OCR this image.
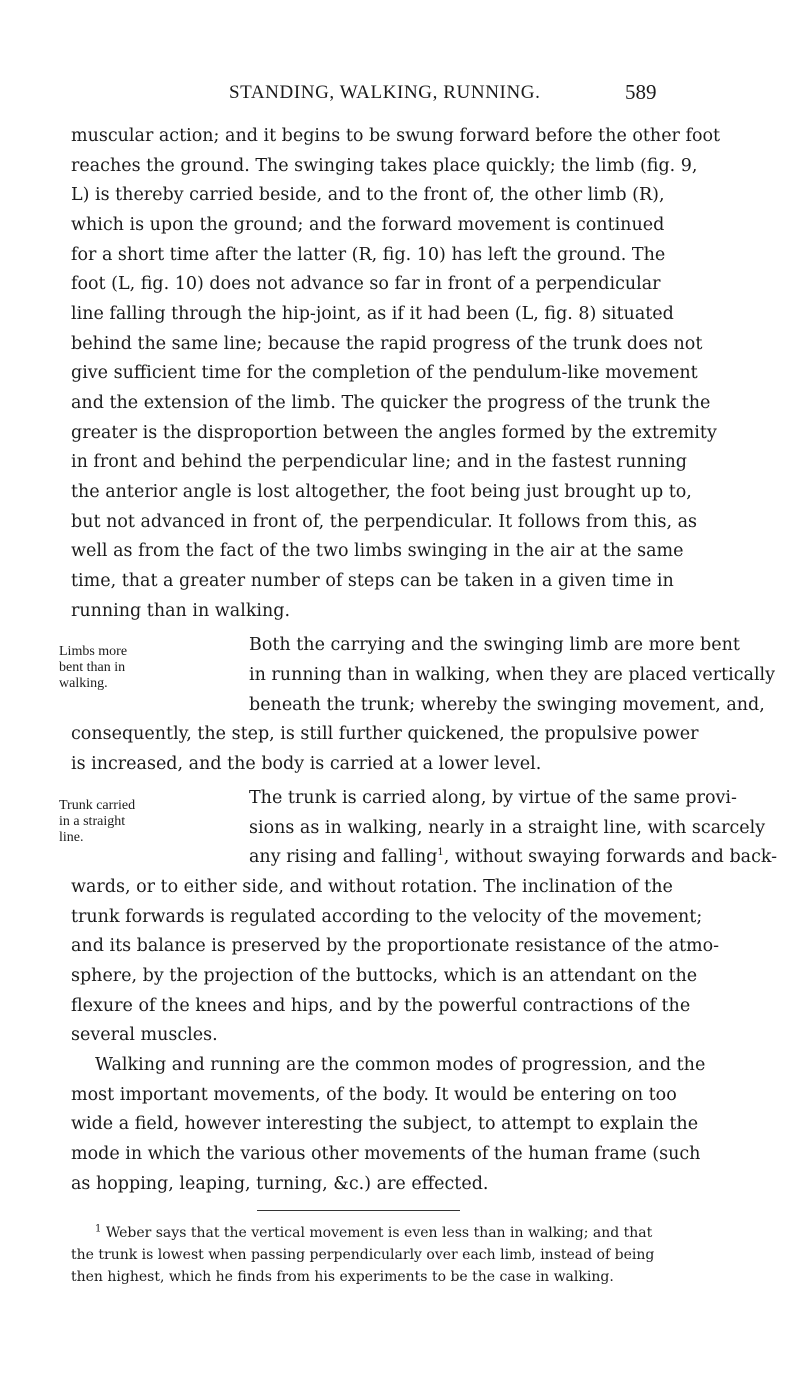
STANDING, WALKING, RUNNING.	589
muscular action; and it begins to be swung forward before the other foot
reaches the ground. The swinging takes place quickly; the limb (fig. 9,
L) is thereby carried beside, and to the front of, the other limb (R),
which is upon the ground; and the forward movement is continued
for a short time after the latter (R, fig. 10) has left the ground. The
foot (L, fig. 10) does not advance so far in front of a perpendicular
line falling through the hip-joint, as if it had been (L, fig. 8) situated
behind the same line; because the rapid progress of the trunk does not
give sufficient time for the completion of the pendulum-like movement
and the extension of the limb. The quicker the progress of the trunk the
greater is the disproportion between the angles formed by the extremity
in front and behind the perpendicular line; and in the fastest running
the anterior angle is lost altogether, the foot being just brought up to,
but not advanced in front of, the perpendicular. It follows from this, as
well as from the fact of the two limbs swinging in the air at the same
time, that a greater number of steps can be taken in a given time in
running than in walking.
Limbs more
bent than in
walking.
Both the carrying and the swinging limb are more bent
in running than in walking, when they are placed vertically
beneath the trunk; whereby the swinging movement, and,
consequently, the step, is still further quickened, the propulsive power
is increased, and the body is carried at a lower level.
Trunk carried
in a straight
line.
The trunk is carried along, by virtue of the same provi-
sions as in walking, nearly in a straight line, with scarcely
any rising and falling$^1$, without swaying forwards and back-
wards, or to either side, and without rotation. The inclination of the
trunk forwards is regulated according to the velocity of the movement;
and its balance is preserved by the proportionate resistance of the atmo-
sphere, by the projection of the buttocks, which is an attendant on the
flexure of the knees and hips, and by the powerful contractions of the
several muscles.
Walking and running are the common modes of progression, and the
most important movements, of the body. It would be entering on too
wide a field, however interesting the subject, to attempt to explain the
mode in which the various other movements of the human frame (such
as hopping, leaping, turning, &c.) are effected.
$^1$ Weber says that the vertical movement is even less than in walking; and that
the trunk is lowest when passing perpendicularly over each limb, instead of being
then highest, which he finds from his experiments to be the case in walking.
